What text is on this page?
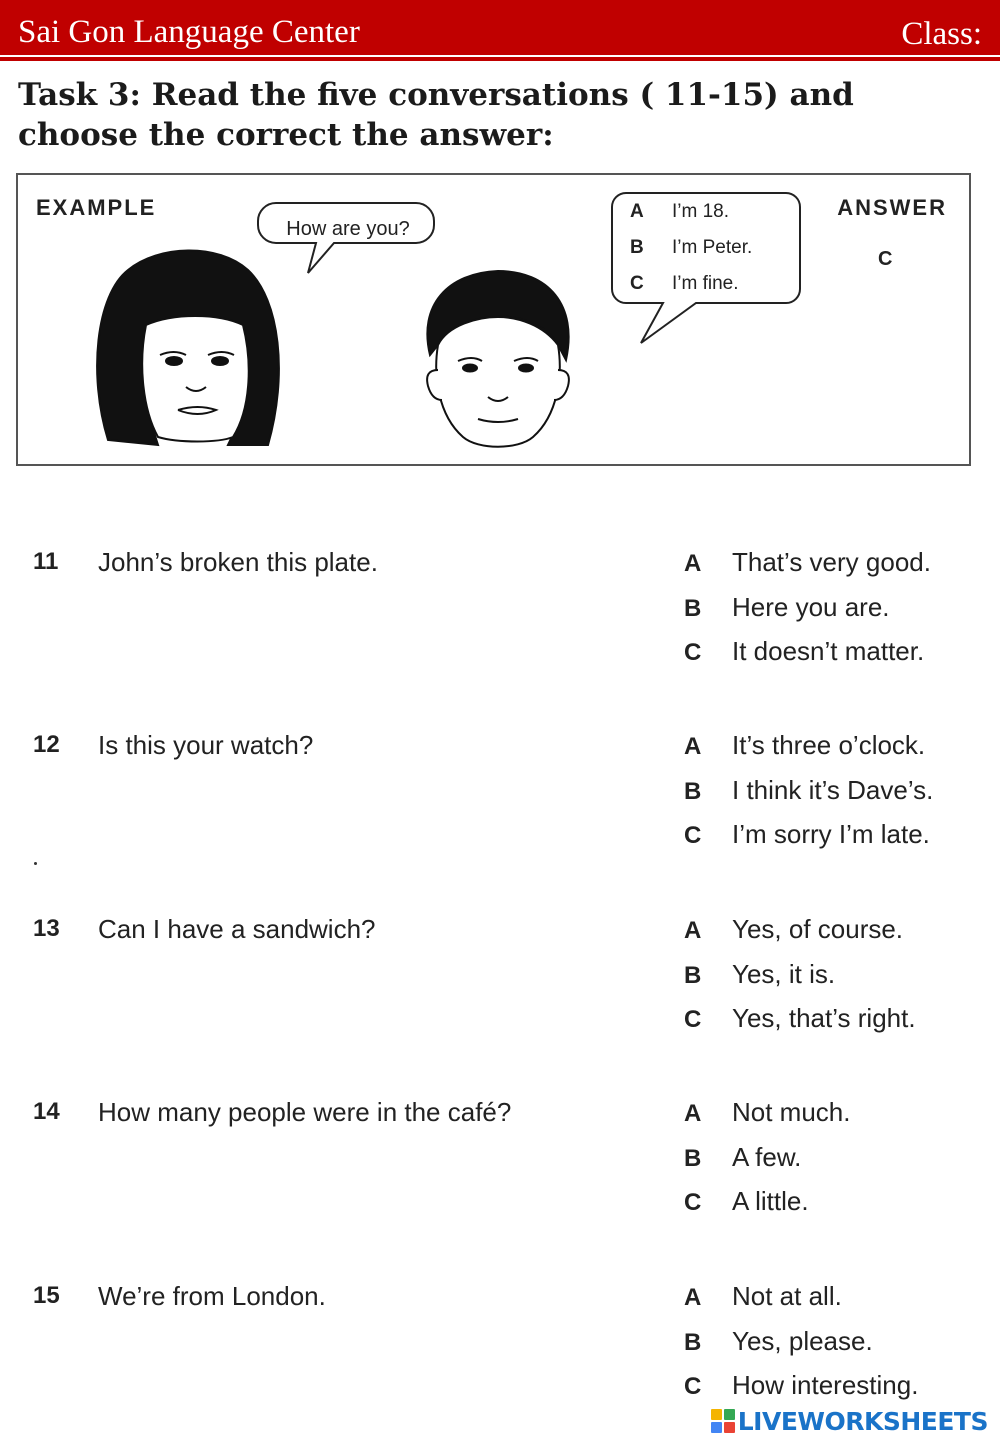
Sai Gon Language Center	Class:
Task 3: Read the five conversations ( 11-15) and choose the correct the answer:
EXAMPLE	ANSWER
C
How are you?
A I’m 18.
B I’m Peter.
C I’m fine.
11 John’s broken this plate.	A That’s very good.
B Here you are.
C It doesn’t matter.
12 Is this your watch?	A It’s three o’clock.
B I think it’s Dave’s.
C I’m sorry I’m late.
13 Can I have a sandwich?	A Yes, of course.
B Yes, it is.
C Yes, that’s right.
14 How many people were in the café?	A Not much.
B A few.
C A little.
15 We’re from London.	A Not at all.
B Yes, please.
C How interesting.
LIVEWORKSHEETS
